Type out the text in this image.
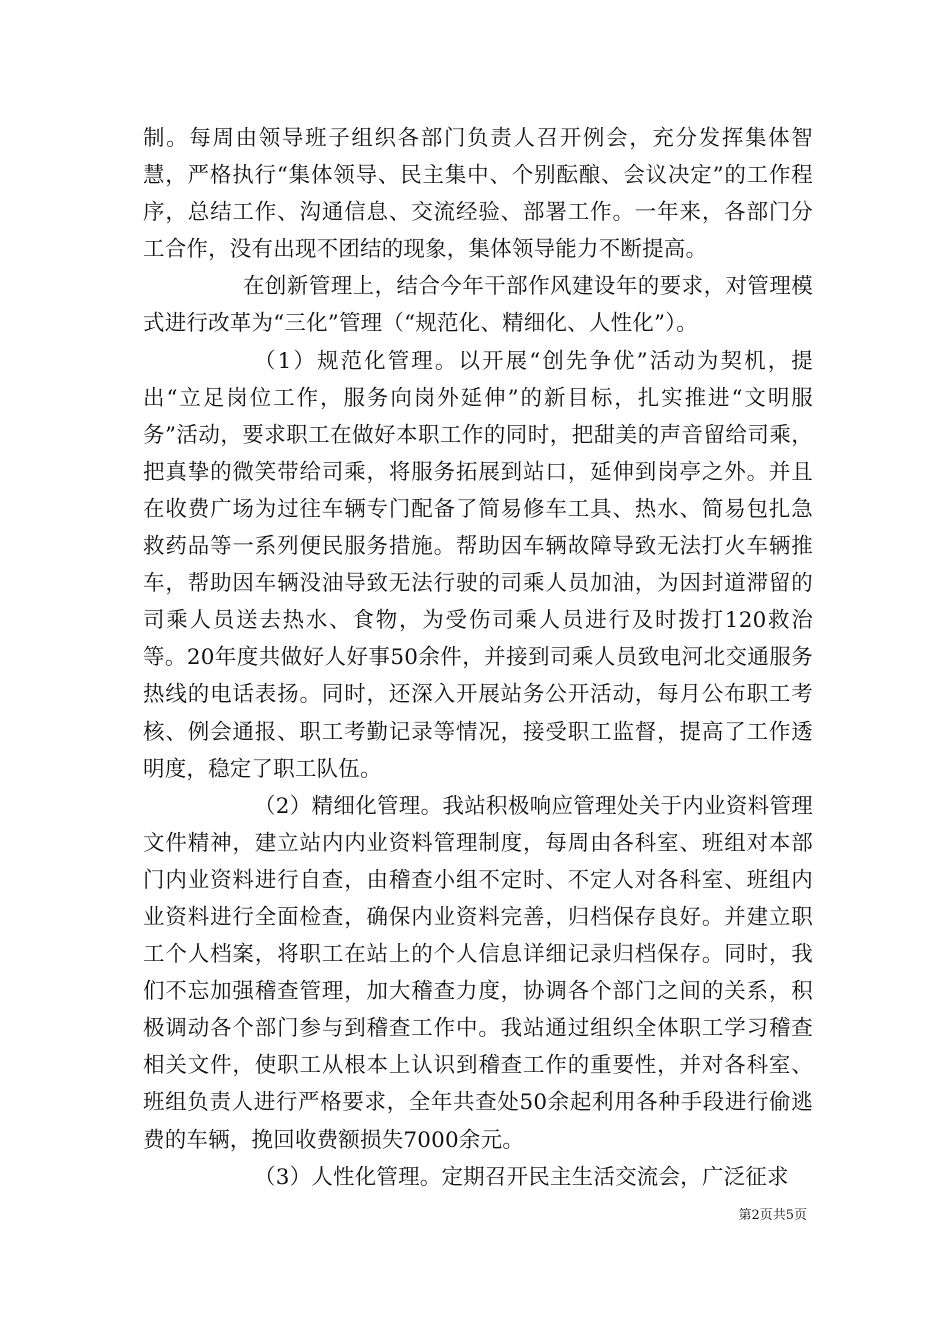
制。每周由领导班子组织各部门负责人召开例会，充分发挥集体智慧，严格执行“集体领导、民主集中、个别酝酿、会议决定”的工作程序，总结工作、沟通信息、交流经验、部署工作。一年来，各部门分工合作，没有出现不团结的现象，集体领导能力不断提高。

在创新管理上，结合今年干部作风建设年的要求，对管理模式进行改革为“三化”管理（“规范化、精细化、人性化”）。

（1）规范化管理。以开展“创先争优”活动为契机，提出“立足岗位工作，服务向岗外延伸”的新目标，扎实推进“文明服务”活动，要求职工在做好本职工作的同时，把甜美的声音留给司乘，把真挚的微笑带给司乘，将服务拓展到站口，延伸到岗亭之外。并且在收费广场为过往车辆专门配备了简易修车工具、热水、简易包扎急救药品等一系列便民服务措施。帮助因车辆故障导致无法打火车辆推车，帮助因车辆没油导致无法行驶的司乘人员加油，为因封道滞留的司乘人员送去热水、食物，为受伤司乘人员进行及时拨打120救治等。20年度共做好人好事50余件，并接到司乘人员致电河北交通服务热线的电话表扬。同时，还深入开展站务公开活动，每月公布职工考核、例会通报、职工考勤记录等情况，接受职工监督，提高了工作透明度，稳定了职工队伍。

（2）精细化管理。我站积极响应管理处关于内业资料管理文件精神，建立站内内业资料管理制度，每周由各科室、班组对本部门内业资料进行自查，由稽查小组不定时、不定人对各科室、班组内业资料进行全面检查，确保内业资料完善，归档保存良好。并建立职工个人档案，将职工在站上的个人信息详细记录归档保存。同时，我们不忘加强稽查管理，加大稽查力度，协调各个部门之间的关系，积极调动各个部门参与到稽查工作中。我站通过组织全体职工学习稽查相关文件，使职工从根本上认识到稽查工作的重要性，并对各科室、班组负责人进行严格要求，全年共查处50余起利用各种手段进行偷逃费的车辆，挽回收费额损失7000余元。

（3）人性化管理。定期召开民主生活交流会，广泛征求

第2页共5页
